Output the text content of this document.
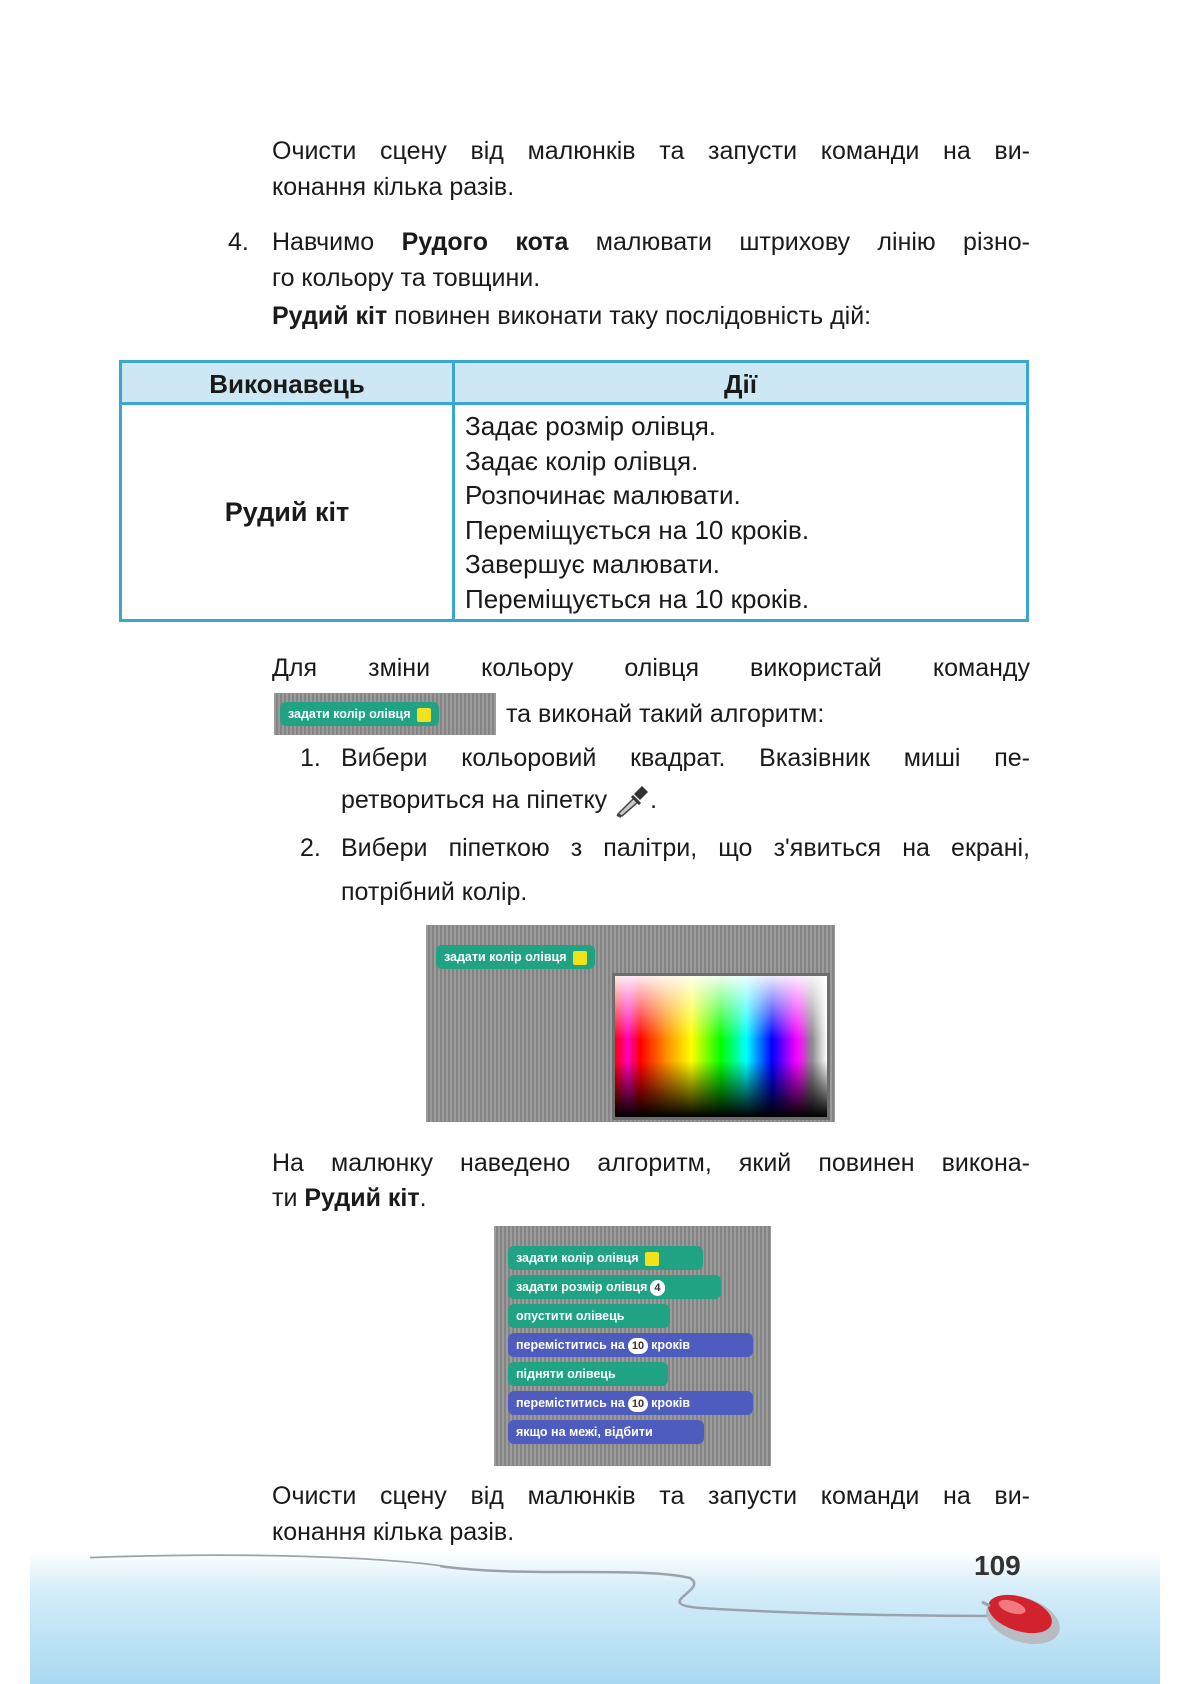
Очисти сцену від малюнків та запусти команди на ви-
конання кілька разів.
4. Навчимо Рудого кота малювати штрихову лінію різно-
го кольору та товщини.
Рудий кіт повинен виконати таку послідовність дій:
Виконавець	Дії
Рудий кіт
Задає розмір олівця.
Задає колір олівця.
Розпочинає малювати.
Переміщується на 10 кроків.
Завершує малювати.
Переміщується на 10 кроків.
Для зміни кольору олівця використай команду
задати колір олівця	та виконай такий алгоритм:
1. Вибери кольоровий квадрат. Вказівник миші пе-
ретвориться на піпетку .
2. Вибери піпеткою з палітри, що з'явиться на екрані,
потрібний колір.
задати колір олівця
На малюнку наведено алгоритм, який повинен викона-
ти Рудий кіт.
задати колір олівця
задати розмір олівця 4
опустити олівець
переміститись на 10 кроків
підняти олівець
переміститись на 10 кроків
якщо на межі, відбити
Очисти сцену від малюнків та запусти команди на ви-
конання кілька разів.
109
